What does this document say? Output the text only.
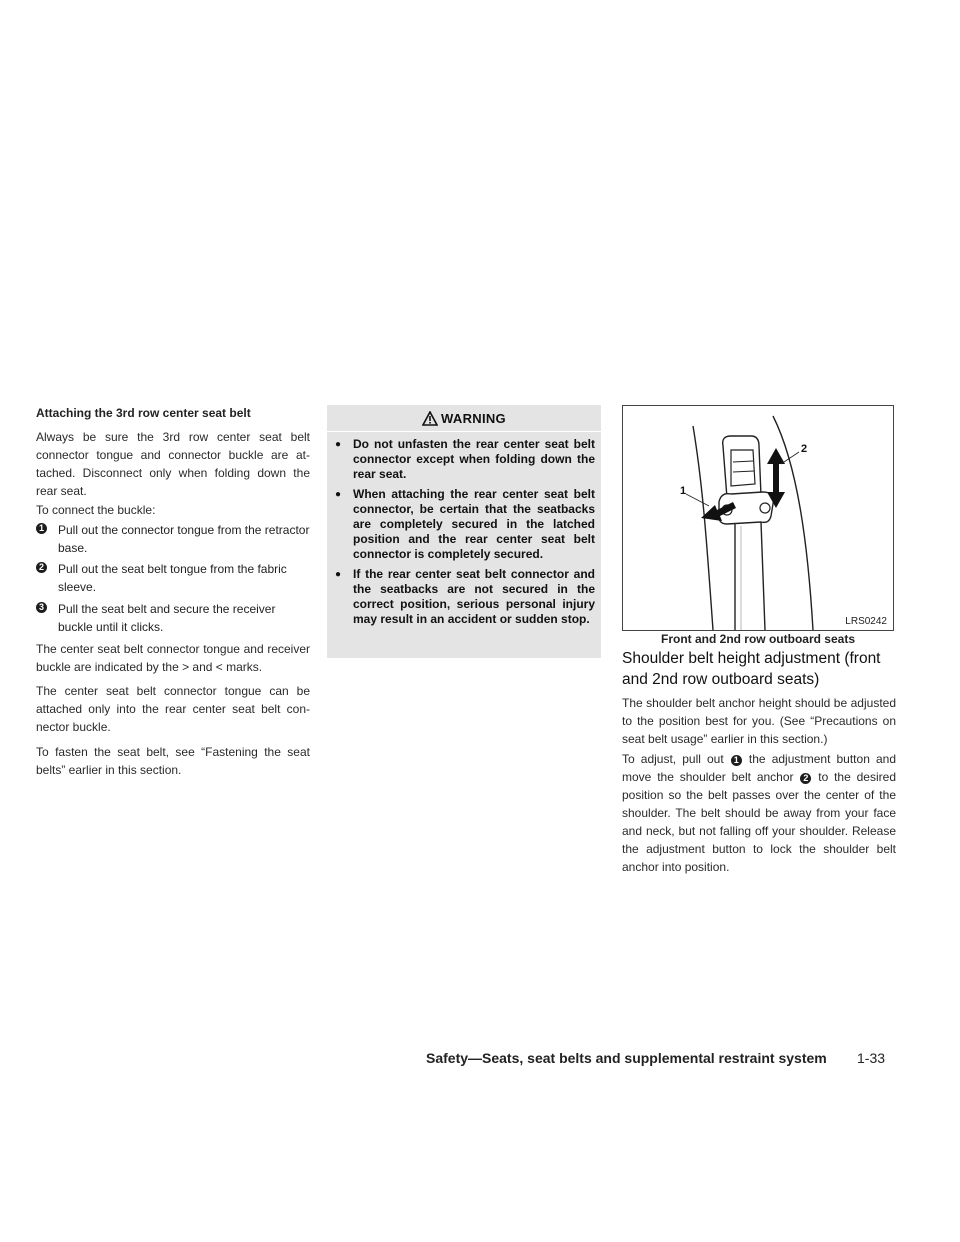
Attaching the 3rd row center seat belt

Always be sure the 3rd row center seat belt connector tongue and connector buckle are attached. Disconnect only when folding down the rear seat.

To connect the buckle:

1 Pull out the connector tongue from the retractor base.
2 Pull out the seat belt tongue from the fabric sleeve.
3 Pull the seat belt and secure the receiver buckle until it clicks.

The center seat belt connector tongue and receiver buckle are indicated by the > and < marks.

The center seat belt connector tongue can be attached only into the rear center seat belt connector buckle.

To fasten the seat belt, see “Fastening the seat belts” earlier in this section.

WARNING
● Do not unfasten the rear center seat belt connector except when folding down the rear seat.
● When attaching the rear center seat belt connector, be certain that the seatbacks are completely secured in the latched position and the rear center seat belt connector is completely secured.
● If the rear center seat belt connector and the seatbacks are not secured in the correct position, serious personal injury may result in an accident or sudden stop.
1
2
LRS0242
Front and 2nd row outboard seats
Shoulder belt height adjustment (front and 2nd row outboard seats)

The shoulder belt anchor height should be adjusted to the position best for you. (See “Precautions on seat belt usage” earlier in this section.)

To adjust, pull out 1 the adjustment button and move the shoulder belt anchor 2 to the desired position so the belt passes over the center of the shoulder. The belt should be away from your face and neck, but not falling off your shoulder. Release the adjustment button to lock the shoulder belt anchor into position.

Safety—Seats, seat belts and supplemental restraint system 1-33
